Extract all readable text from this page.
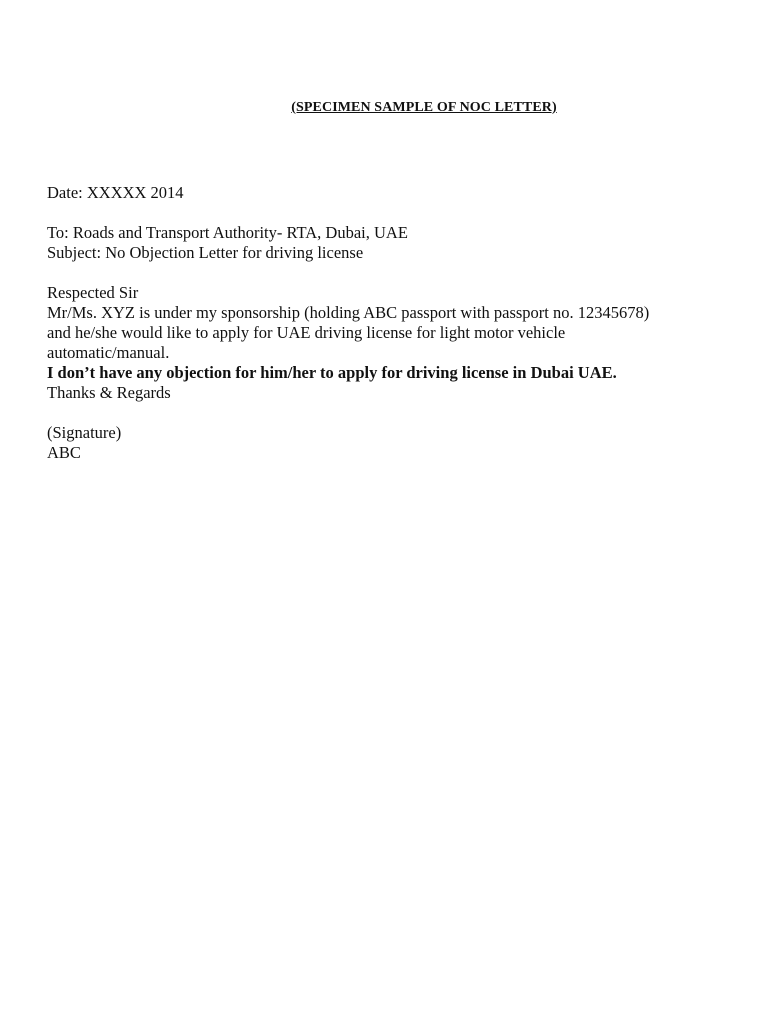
(SPECIMEN SAMPLE OF NOC LETTER)
Date: XXXXX 2014
To: Roads and Transport Authority- RTA, Dubai, UAE
Subject: No Objection Letter for driving license
Respected Sir
Mr/Ms. XYZ is under my sponsorship (holding ABC passport with passport no. 12345678)
and he/she would like to apply for UAE driving license for light motor vehicle
automatic/manual.
I don’t have any objection for him/her to apply for driving license in Dubai UAE.
Thanks & Regards
(Signature)
ABC
